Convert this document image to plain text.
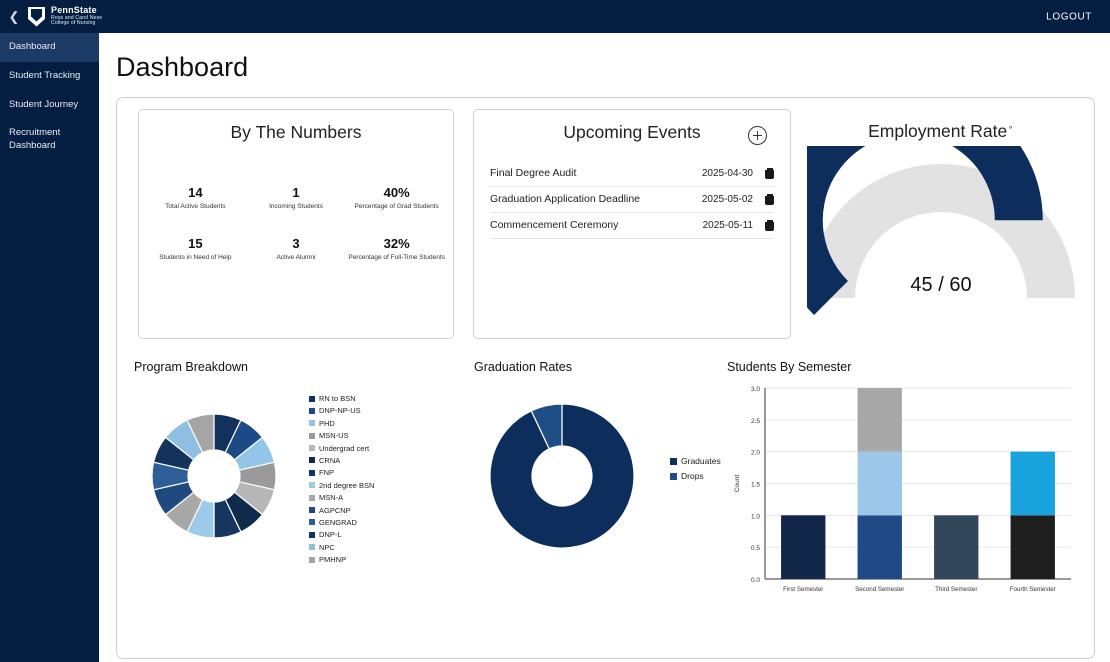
❮	PennState
Ross and Carol Nese
College of Nursing
LOGOUT
Dashboard
Student Tracking
Student Journey
Recruitment Dashboard
Dashboard
By The Numbers
14
Total Active Students
1
Incoming Students
40%
Percentage of Grad Students
15
Students in Need of Help
3
Active Alumni
32%
Percentage of Full-Time Students
Upcoming Events
Final Degree Audit	2025-04-30
Graduation Application Deadline	2025-05-02
Commencement Ceremony	2025-05-11
Employment Rate⚬
45 / 60
Program Breakdown
RN to BSN
DNP-NP-US
PHD
MSN-US
Undergrad cert
CRNA
FNP
2nd degree BSN
MSN-A
AGPCNP
GENGRAD
DNP-L
NPC
PMHNP
Graduation Rates
Graduates
Drops
Students By Semester
0.0
0.5
1.0
1.5
2.0
2.5
3.0
Count
First Semester	Second Semester	Third Semester	Fourth Semester
